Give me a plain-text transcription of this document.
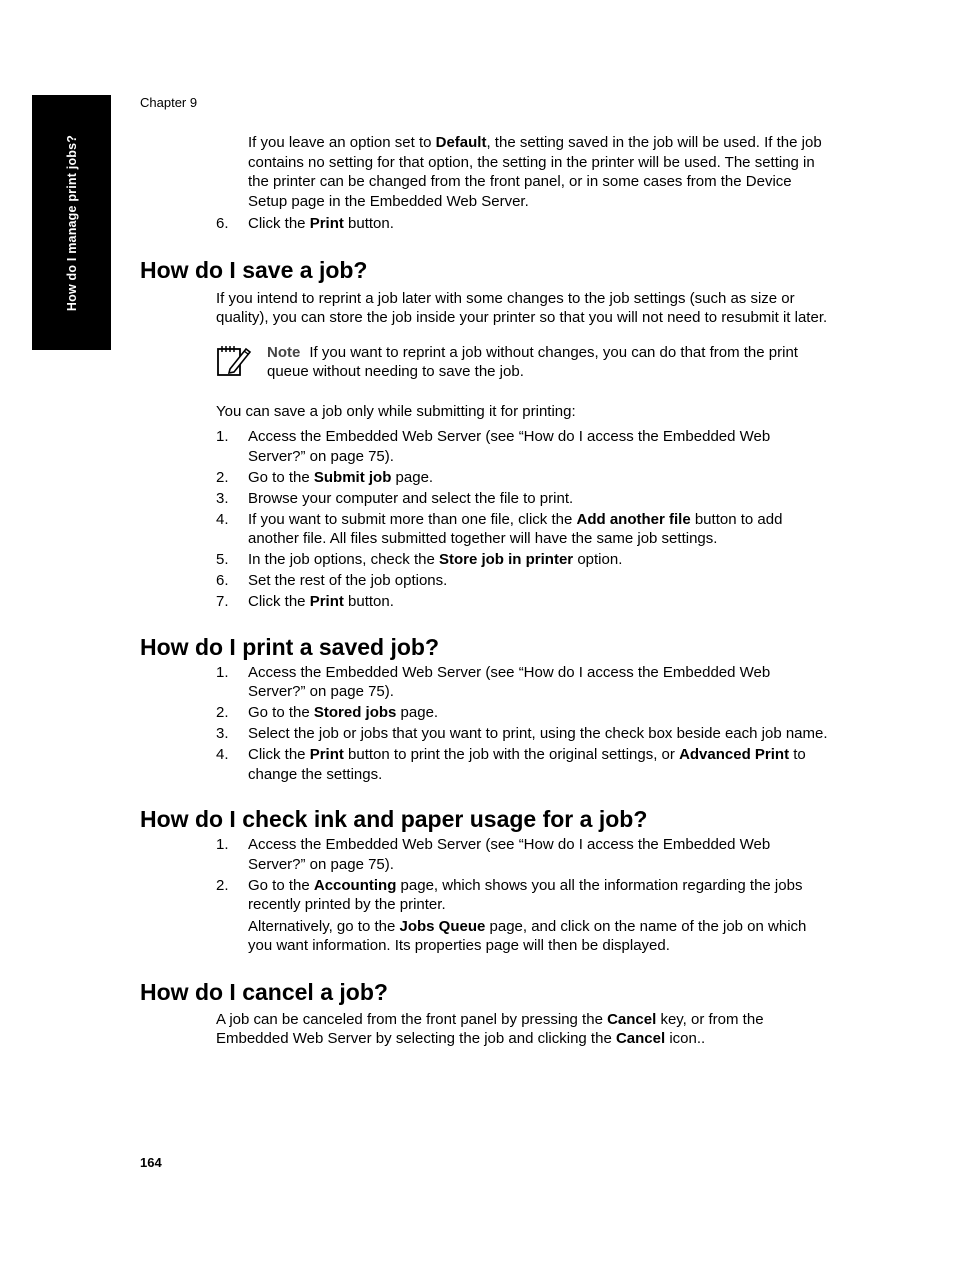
How do I manage print jobs?
Chapter 9

If you leave an option set to Default, the setting saved in the job will be used. If the job contains no setting for that option, the setting in the printer will be used. The setting in the printer can be changed from the front panel, or in some cases from the Device Setup page in the Embedded Web Server.

6. Click the Print button.
How do I save a job?

If you intend to reprint a job later with some changes to the job settings (such as size or quality), you can store the job inside your printer so that you will not need to resubmit it later.

Note If you want to reprint a job without changes, you can do that from the print queue without needing to save the job.

You can save a job only while submitting it for printing:

1. Access the Embedded Web Server (see “How do I access the Embedded Web Server?” on page 75).
2. Go to the Submit job page.
3. Browse your computer and select the file to print.
4. If you want to submit more than one file, click the Add another file button to add another file. All files submitted together will have the same job settings.
5. In the job options, check the Store job in printer option.
6. Set the rest of the job options.
7. Click the Print button.
How do I print a saved job?
1. Access the Embedded Web Server (see “How do I access the Embedded Web Server?” on page 75).
2. Go to the Stored jobs page.
3. Select the job or jobs that you want to print, using the check box beside each job name.
4. Click the Print button to print the job with the original settings, or Advanced Print to change the settings.
How do I check ink and paper usage for a job?
1. Access the Embedded Web Server (see “How do I access the Embedded Web Server?” on page 75).
2. Go to the Accounting page, which shows you all the information regarding the jobs recently printed by the printer.

Alternatively, go to the Jobs Queue page, and click on the name of the job on which you want information. Its properties page will then be displayed.

How do I cancel a job?

A job can be canceled from the front panel by pressing the Cancel key, or from the Embedded Web Server by selecting the job and clicking the Cancel icon..

164
